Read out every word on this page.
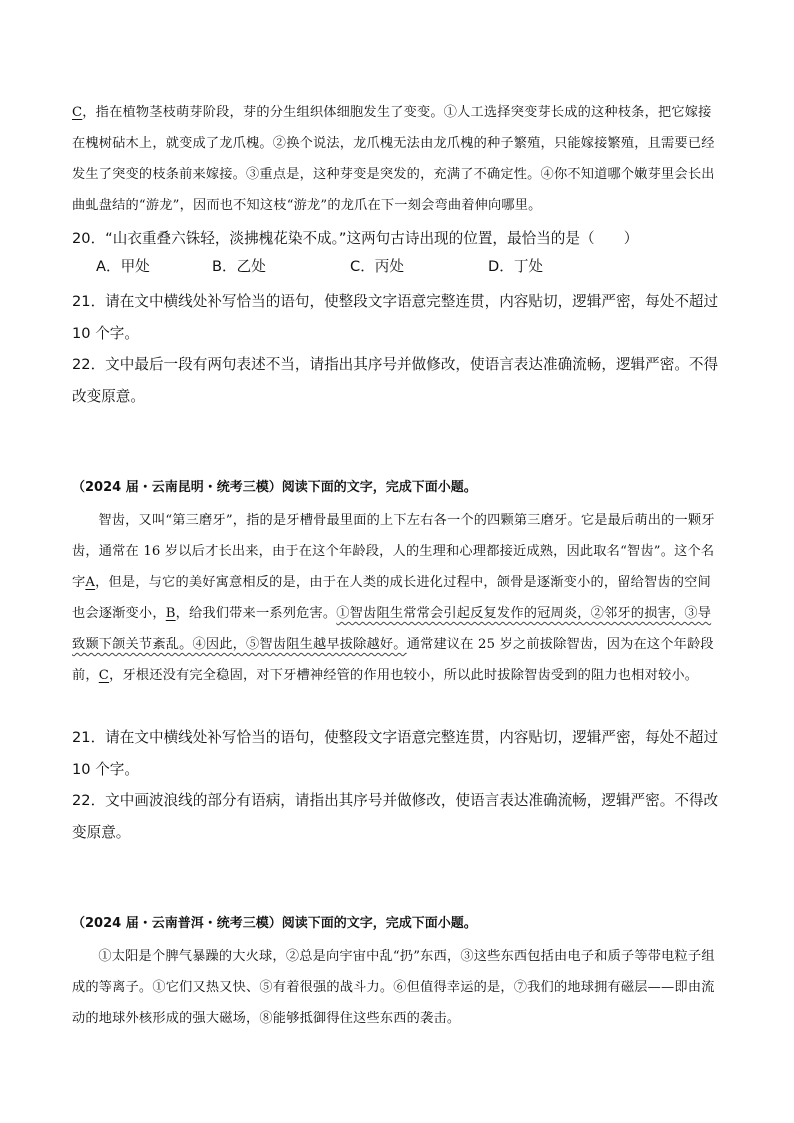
C，指在植物茎枝萌芽阶段，芽的分生组织体细胞发生了变变。①人工选择突变芽长成的这种枝条，把它嫁接在槐树砧木上，就变成了龙爪槐。②换个说法，龙爪槐无法由龙爪槐的种子繁殖，只能嫁接繁殖，且需要已经发生了突变的枝条前来嫁接。③重点是，这种芽变是突发的，充满了不确定性。④你不知道哪个嫩芽里会长出曲虬盘结的“游龙”，因而也不知这枝“游龙”的龙爪在下一刻会弯曲着伸向哪里。
20．“山衣重叠六铢轻，淡拂槐花染不成。”这两句古诗出现的位置，最恰当的是（　　）
A．甲处	B．乙处	C．丙处	D．丁处
21．请在文中横线处补写恰当的语句，使整段文字语意完整连贯，内容贴切，逻辑严密，每处不超过 10 个字。
22．文中最后一段有两句表述不当，请指出其序号并做修改，使语言表达准确流畅，逻辑严密。不得改变原意。
（2024 届・云南昆明・统考三模）阅读下面的文字，完成下面小题。
智齿，又叫“第三磨牙”，指的是牙槽骨最里面的上下左右各一个的四颗第三磨牙。它是最后萌出的一颗牙齿，通常在 16 岁以后才长出来，由于在这个年龄段，人的生理和心理都接近成熟，因此取名“智齿”。这个名字A，但是，与它的美好寓意相反的是，由于在人类的成长进化过程中，颌骨是逐渐变小的，留给智齿的空间也会逐渐变小，B，给我们带来一系列危害。①智齿阻生常常会引起反复发作的冠周炎，②邻牙的损害，③导致颞下颌关节紊乱。④因此，⑤智齿阻生越早拔除越好。通常建议在 25 岁之前拔除智齿，因为在这个年龄段前，C，牙根还没有完全稳固，对下牙槽神经管的作用也较小，所以此时拔除智齿受到的阻力也相对较小。
21．请在文中横线处补写恰当的语句，使整段文字语意完整连贯，内容贴切，逻辑严密，每处不超过 10 个字。
22．文中画波浪线的部分有语病，请指出其序号并做修改，使语言表达准确流畅，逻辑严密。不得改变原意。
（2024 届・云南普洱・统考三模）阅读下面的文字，完成下面小题。
①太阳是个脾气暴躁的大火球，②总是向宇宙中乱“扔”东西，③这些东西包括由电子和质子等带电粒子组成的等离子。①它们又热又快、⑤有着很强的战斗力。⑥但值得幸运的是，⑦我们的地球拥有磁层——即由流动的地球外核形成的强大磁场，⑧能够抵御得住这些东西的袭击。
